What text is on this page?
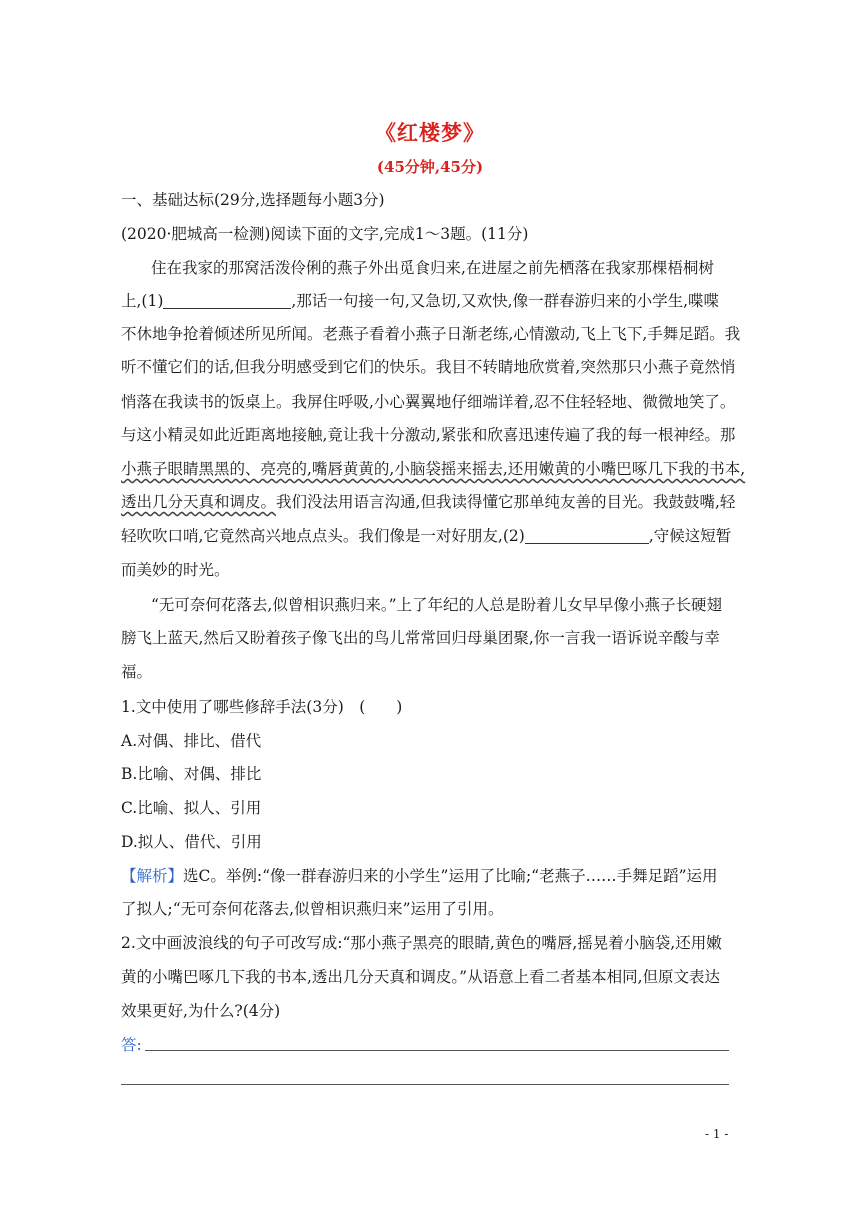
《红楼梦》
(45分钟,45分)
一、基础达标(29分,选择题每小题3分)
(2020·肥城高一检测)阅读下面的文字,完成1～3题。(11分)
住在我家的那窝活泼伶俐的燕子外出觅食归来,在进屋之前先栖落在我家那棵梧桐树
上,(1)	,那话一句接一句,又急切,又欢快,像一群春游归来的小学生,喋喋
不休地争抢着倾述所见所闻。老燕子看着小燕子日渐老练,心情激动,飞上飞下,手舞足蹈。我
听不懂它们的话,但我分明感受到它们的快乐。我目不转睛地欣赏着,突然那只小燕子竟然悄
悄落在我读书的饭桌上。我屏住呼吸,小心翼翼地仔细端详着,忍不住轻轻地、微微地笑了。
与这小精灵如此近距离地接触,竟让我十分激动,紧张和欣喜迅速传遍了我的每一根神经。那
小燕子眼睛黑黑的、亮亮的,嘴唇黄黄的,小脑袋摇来摇去,还用嫩黄的小嘴巴啄几下我的书本,
透出几分天真和调皮。我们没法用语言沟通,但我读得懂它那单纯友善的目光。我鼓鼓嘴,轻
轻吹吹口哨,它竟然高兴地点点头。我们像是一对好朋友,(2)	,守候这短暂
而美妙的时光。
“无可奈何花落去,似曾相识燕归来。”上了年纪的人总是盼着儿女早早像小燕子长硬翅
膀飞上蓝天,然后又盼着孩子像飞出的鸟儿常常回归母巢团聚,你一言我一语诉说辛酸与幸
福。
1.文中使用了哪些修辞手法(3分)　(　　)
A.对偶、排比、借代
B.比喻、对偶、排比
C.比喻、拟人、引用
D.拟人、借代、引用
【解析】选C。举例:“像一群春游归来的小学生”运用了比喻;“老燕子……手舞足蹈”运用
了拟人;“无可奈何花落去,似曾相识燕归来”运用了引用。
2.文中画波浪线的句子可改写成:“那小燕子黑亮的眼睛,黄色的嘴唇,摇晃着小脑袋,还用嫩
黄的小嘴巴啄几下我的书本,透出几分天真和调皮。”从语意上看二者基本相同,但原文表达
效果更好,为什么?(4分)
答:
- 1 -
